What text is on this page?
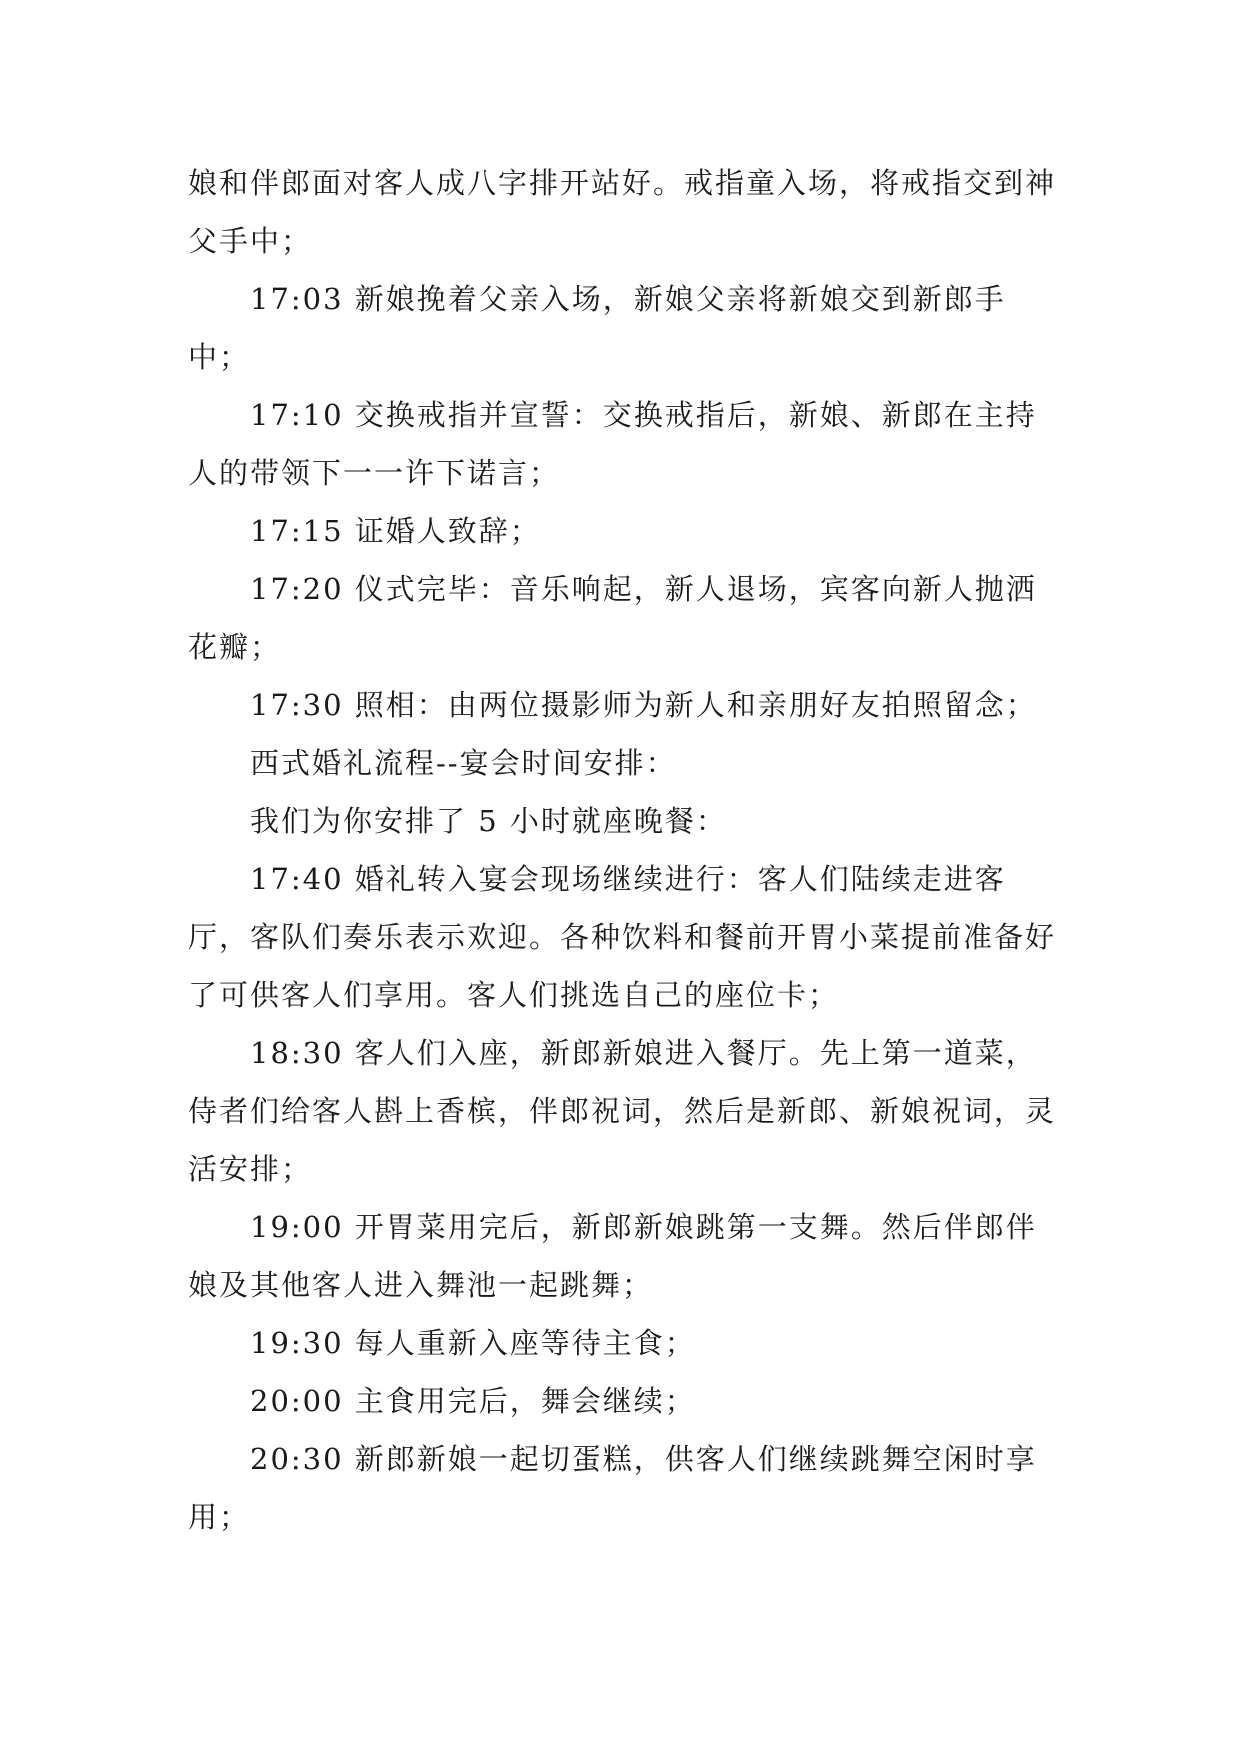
娘和伴郎面对客人成八字排开站好。戒指童入场，将戒指交到神父手中；

17:03 新娘挽着父亲入场，新娘父亲将新娘交到新郎手中；

17:10 交换戒指并宣誓：交换戒指后，新娘、新郎在主持人的带领下一一许下诺言；

17:15 证婚人致辞；

17:20 仪式完毕：音乐响起，新人退场，宾客向新人抛洒花瓣；

17:30 照相：由两位摄影师为新人和亲朋好友拍照留念；

西式婚礼流程--宴会时间安排：

我们为你安排了 5 小时就座晚餐：

17:40 婚礼转入宴会现场继续进行：客人们陆续走进客厅，客队们奏乐表示欢迎。各种饮料和餐前开胃小菜提前准备好了可供客人们享用。客人们挑选自己的座位卡；

18:30 客人们入座，新郎新娘进入餐厅。先上第一道菜，侍者们给客人斟上香槟，伴郎祝词，然后是新郎、新娘祝词，灵活安排；

19:00 开胃菜用完后，新郎新娘跳第一支舞。然后伴郎伴娘及其他客人进入舞池一起跳舞；

19:30 每人重新入座等待主食；

20:00 主食用完后，舞会继续；

20:30 新郎新娘一起切蛋糕，供客人们继续跳舞空闲时享用；
